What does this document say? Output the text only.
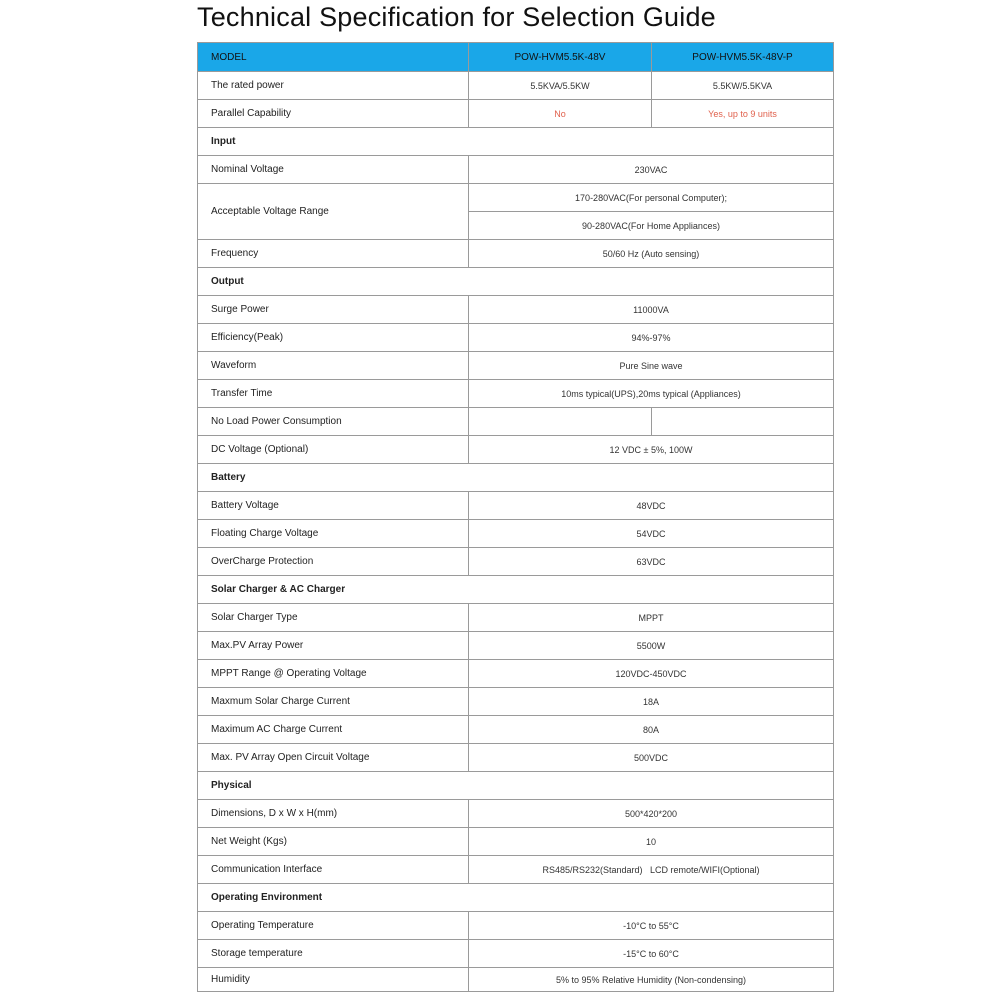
Technical Specification for Selection Guide
MODEL	POW-HVM5.5K-48V	POW-HVM5.5K-48V-P
The rated power	5.5KVA/5.5KW	5.5KW/5.5KVA
Parallel Capability	No	Yes, up to 9 units
Input		
Nominal Voltage	230VAC	
Acceptable Voltage Range	170-280VAC(For personal Computer);	
	90-280VAC(For Home Appliances)	
Frequency	50/60 Hz (Auto sensing)	
Output		
Surge Power	11000VA	
Efficiency(Peak)	94%-97%	
Waveform	Pure Sine wave	
Transfer Time	10ms typical(UPS),20ms typical (Appliances)	
No Load Power Consumption		
DC Voltage (Optional)	12 VDC ± 5%, 100W	
Battery		
Battery Voltage	48VDC	
Floating Charge Voltage	54VDC	
OverCharge Protection	63VDC	
Solar Charger & AC Charger		
Solar Charger Type	MPPT	
Max.PV Array Power	5500W	
MPPT Range @ Operating Voltage	120VDC-450VDC	
Maxmum Solar Charge Current	18A	
Maximum AC Charge Current	80A	
Max. PV Array Open Circuit Voltage	500VDC	
Physical		
Dimensions, D x W x H(mm)	500*420*200	
Net Weight (Kgs)	10	
Communication Interface	RS485/RS232(Standard)   LCD remote/WIFI(Optional)	
Operating Environment		
Operating Temperature	-10°C to 55°C	
Storage temperature	-15°C to 60°C	
Humidity	5% to 95% Relative Humidity (Non-condensing)	
